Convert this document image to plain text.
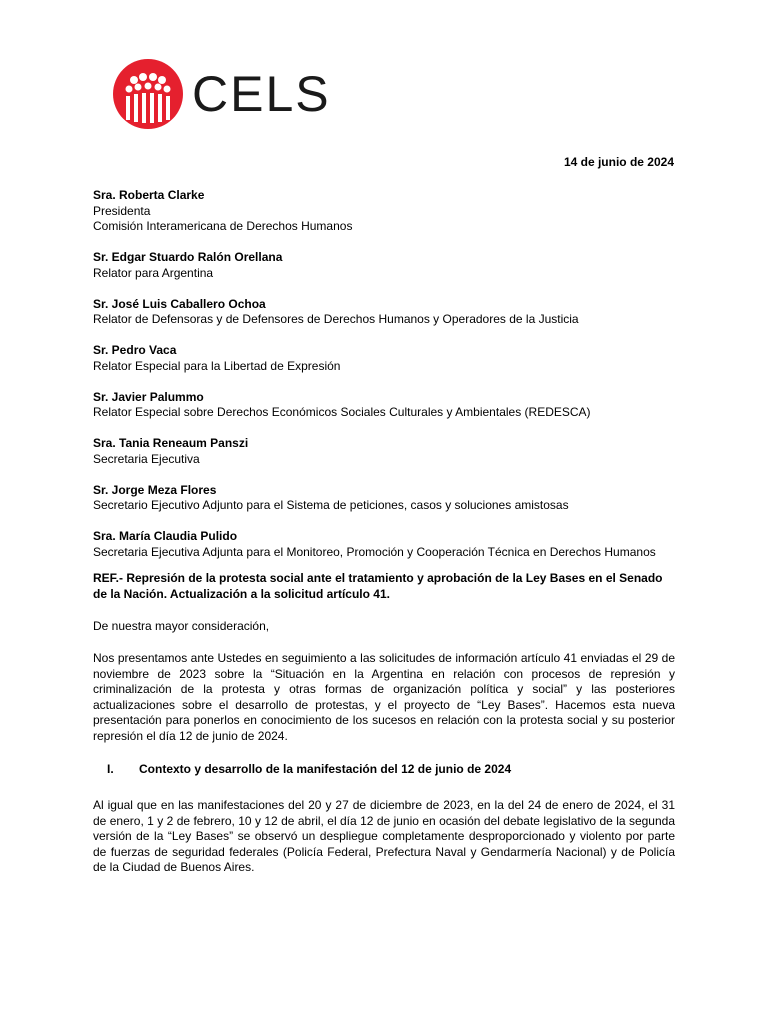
CELS
14 de junio de 2024
Sra. Roberta Clarke
Presidenta
Comisión Interamericana de Derechos Humanos
Sr. Edgar Stuardo Ralón Orellana
Relator para Argentina
Sr. José Luis Caballero Ochoa
Relator de Defensoras y de Defensores de Derechos Humanos y Operadores de la Justicia
Sr. Pedro Vaca
Relator Especial para la Libertad de Expresión
Sr. Javier Palummo
Relator Especial sobre Derechos Económicos Sociales Culturales y Ambientales (REDESCA)
Sra. Tania Reneaum Panszi
Secretaria Ejecutiva
Sr. Jorge Meza Flores
Secretario Ejecutivo Adjunto para el Sistema de peticiones, casos y soluciones amistosas
Sra. María Claudia Pulido
Secretaria Ejecutiva Adjunta para el Monitoreo, Promoción y Cooperación Técnica en Derechos Humanos
REF.- Represión de la protesta social ante el tratamiento y aprobación de la Ley Bases en el Senado de la Nación. Actualización a la solicitud artículo 41.
De nuestra mayor consideración,
Nos presentamos ante Ustedes en seguimiento a las solicitudes de información artículo 41 enviadas el 29 de noviembre de 2023 sobre la “Situación en la Argentina en relación con procesos de represión y criminalización de la protesta y otras formas de organización política y social” y las posteriores actualizaciones sobre el desarrollo de protestas, y el proyecto de “Ley Bases”. Hacemos esta nueva presentación para ponerlos en conocimiento de los sucesos en relación con la protesta social y su posterior represión el día 12 de junio de 2024.
I.	Contexto y desarrollo de la manifestación del 12 de junio de 2024
Al igual que en las manifestaciones del 20 y 27 de diciembre de 2023, en la del 24 de enero de 2024, el 31 de enero, 1 y 2 de febrero, 10 y 12 de abril, el día 12 de junio en ocasión del debate legislativo de la segunda versión de la “Ley Bases” se observó un despliegue completamente desproporcionado y violento por parte de fuerzas de seguridad federales (Policía Federal, Prefectura Naval y Gendarmería Nacional) y de Policía de la Ciudad de Buenos Aires.
